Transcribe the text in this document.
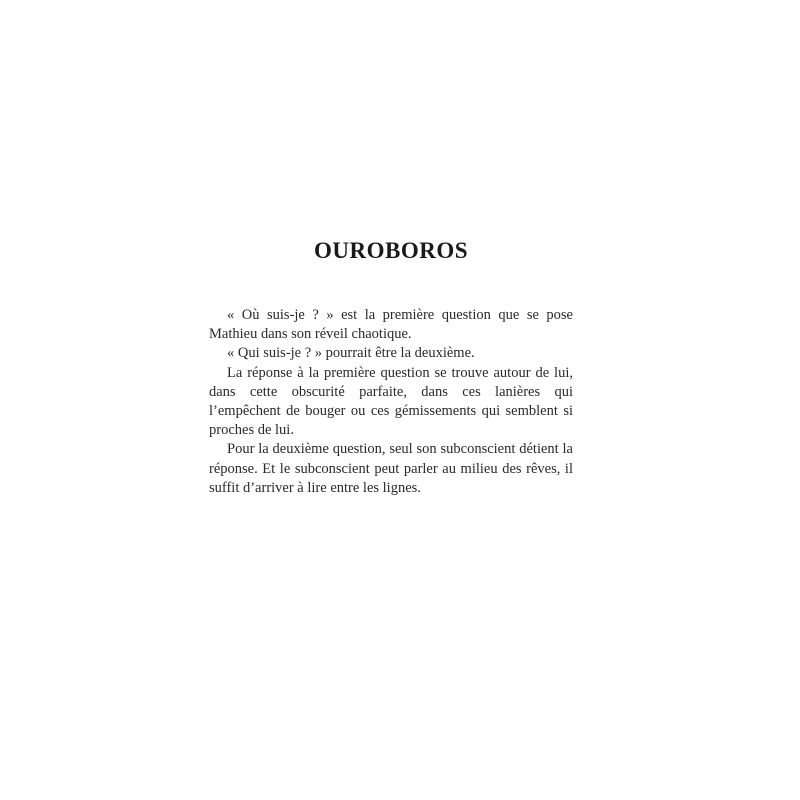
OUROBOROS

« Où suis-je ? » est la première question que se pose Mathieu dans son réveil chaotique.

« Qui suis-je ? » pourrait être la deuxième.

La réponse à la première question se trouve autour de lui, dans cette obscurité parfaite, dans ces lanières qui l’empêchent de bouger ou ces gémissements qui semblent si proches de lui.

Pour la deuxième question, seul son subconscient détient la réponse. Et le subconscient peut parler au milieu des rêves, il suffit d’arriver à lire entre les lignes.
